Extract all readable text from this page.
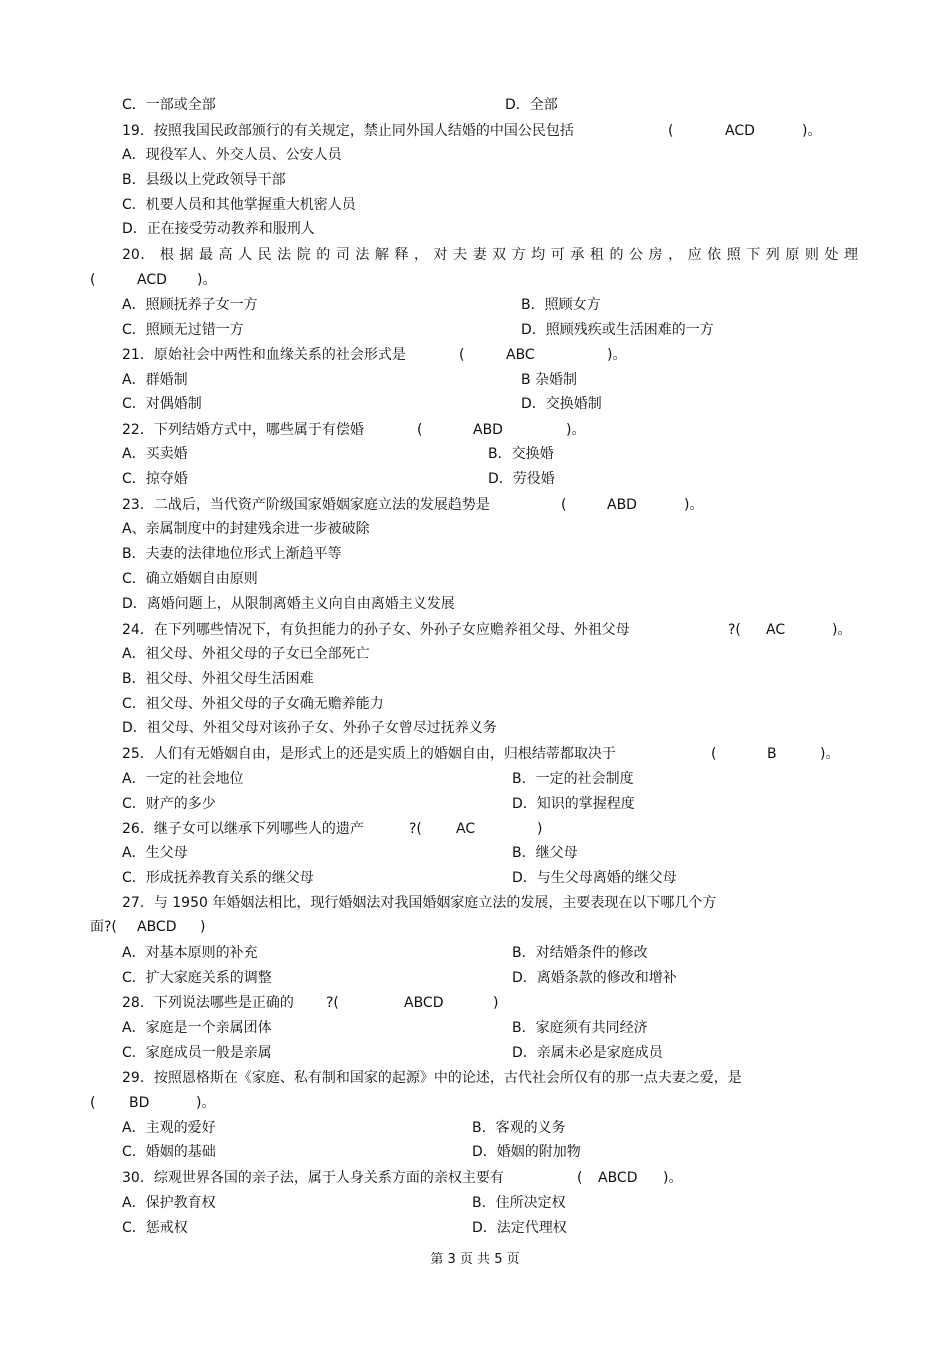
C．一部或全部	D．全部
19．按照我国民政部颁行的有关规定，禁止同外国人结婚的中国公民包括	(	ACD	)。
A．现役军人、外交人员、公安人员
B．县级以上党政领导干部
C．机要人员和其他掌握重大机密人员
D．正在接受劳动教养和服刑人
20． 根 据 最 高 人 民 法 院 的 司 法 解 释 ， 对 夫 妻 双 方 均 可 承 租 的 公 房 ， 应 依 照 下 列 原 则 处 理
(	ACD )。
A．照顾抚养子女一方	B．照顾女方
C．照顾无过错一方	D．照顾残疾或生活困难的一方
21．原始社会中两性和血缘关系的社会形式是	(	ABC	)。
A．群婚制	B 杂婚制
C．对偶婚制	D．交换婚制
22．下列结婚方式中，哪些属于有偿婚	(	ABD	)。
A．买卖婚	B．交换婚
C．掠夺婚	D．劳役婚
23．二战后，当代资产阶级国家婚姻家庭立法的发展趋势是	(	ABD	)。
A、亲属制度中的封建残余进一步被破除
B．夫妻的法律地位形式上渐趋平等
C．确立婚姻自由原则
D．离婚问题上，从限制离婚主义向自由离婚主义发展
24．在下列哪些情况下，有负担能力的孙子女、外孙子女应赡养祖父母、外祖父母	?( AC	)。
A．祖父母、外祖父母的子女已全部死亡
B．祖父母、外祖父母生活困难
C．祖父母、外祖父母的子女确无赡养能力
D．祖父母、外祖父母对该孙子女、外孙子女曾尽过抚养义务
25．人们有无婚姻自由，是形式上的还是实质上的婚姻自由，归根结蒂都取决于	(	B	)。
A．一定的社会地位	B．一定的社会制度
C．财产的多少	D．知识的掌握程度
26．继子女可以继承下列哪些人的遗产	?( AC	)
A．生父母	B．继父母
C．形成抚养教育关系的继父母	D．与生父母离婚的继父母
27．与 1950 年婚姻法相比，现行婚姻法对我国婚姻家庭立法的发展，主要表现在以下哪几个方
面?( ABCD )
A．对基本原则的补充	B．对结婚条件的修改
C．扩大家庭关系的调整	D．离婚条款的修改和增补
28．下列说法哪些是正确的 ?(	ABCD	)
A．家庭是一个亲属团体	B．家庭须有共同经济
C．家庭成员一般是亲属	D．亲属未必是家庭成员
29．按照恩格斯在《家庭、私有制和国家的起源》中的论述，古代社会所仅有的那一点夫妻之爱，是
( BD	)。
A．主观的爱好	B．客观的义务
C．婚姻的基础	D．婚姻的附加物
30．综观世界各国的亲子法，属于人身关系方面的亲权主要有	( ABCD )。
A．保护教育权	B．住所决定权
C．惩戒权	D．法定代理权
第 3 页 共 5 页
